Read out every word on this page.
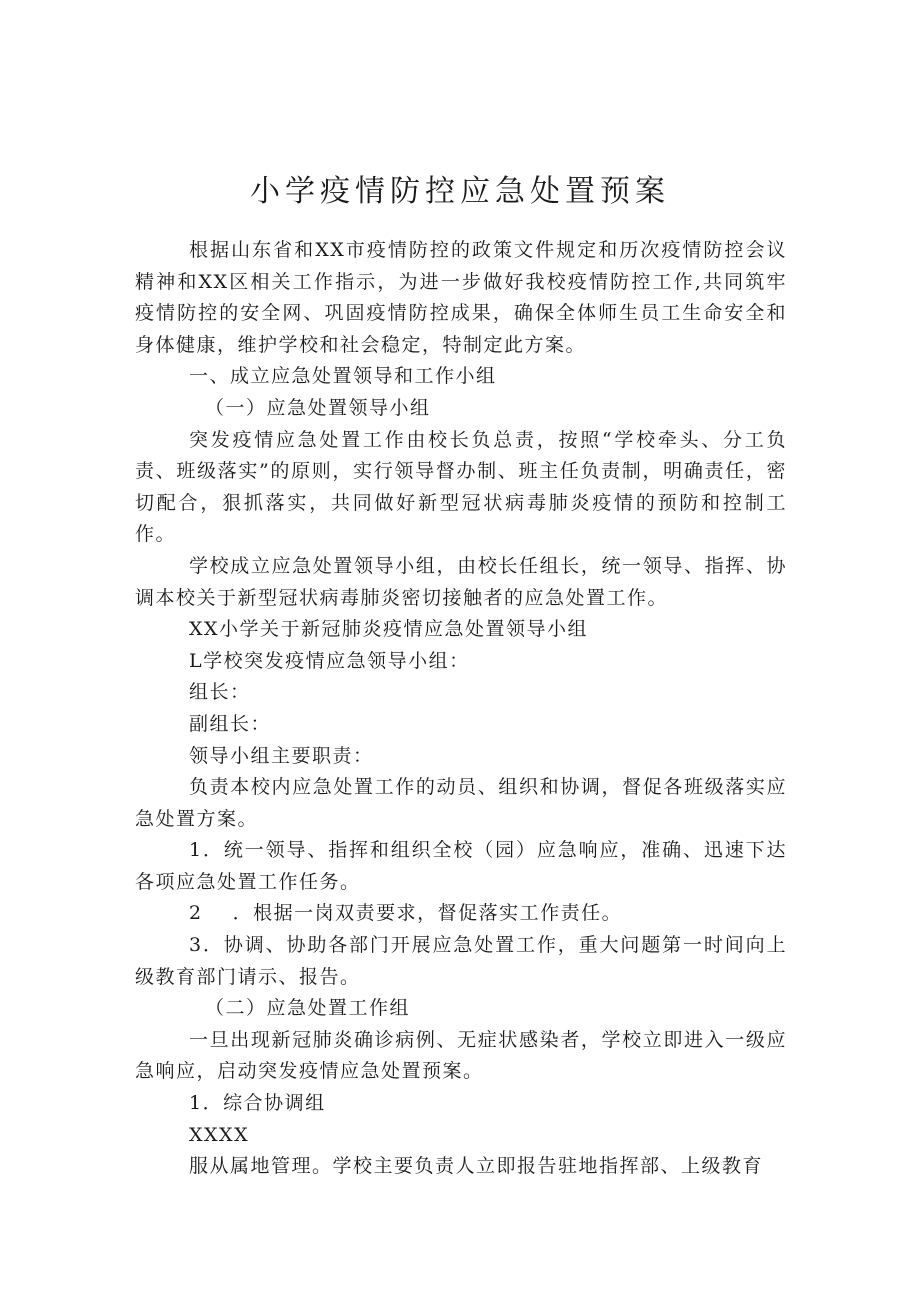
小学疫情防控应急处置预案

根据山东省和XX市疫情防控的政策文件规定和历次疫情防控会议精神和XX区相关工作指示，为进一步做好我校疫情防控工作,共同筑牢疫情防控的安全网、巩固疫情防控成果，确保全体师生员工生命安全和身体健康，维护学校和社会稳定，特制定此方案。

一、成立应急处置领导和工作小组

（一）应急处置领导小组

突发疫情应急处置工作由校长负总责，按照“学校牵头、分工负责、班级落实”的原则，实行领导督办制、班主任负责制，明确责任，密切配合，狠抓落实，共同做好新型冠状病毒肺炎疫情的预防和控制工作。

学校成立应急处置领导小组，由校长任组长，统一领导、指挥、协调本校关于新型冠状病毒肺炎密切接触者的应急处置工作。

XX小学关于新冠肺炎疫情应急处置领导小组

L学校突发疫情应急领导小组：

组长：

副组长：

领导小组主要职责：

负责本校内应急处置工作的动员、组织和协调，督促各班级落实应急处置方案。

1．统一领导、指挥和组织全校（园）应急响应，准确、迅速下达各项应急处置工作任务。

2 ．根据一岗双责要求，督促落实工作责任。

3．协调、协助各部门开展应急处置工作，重大问题第一时间向上级教育部门请示、报告。

（二）应急处置工作组

一旦出现新冠肺炎确诊病例、无症状感染者，学校立即进入一级应急响应，启动突发疫情应急处置预案。

1．综合协调组

XXXX

服从属地管理。学校主要负责人立即报告驻地指挥部、上级教育
